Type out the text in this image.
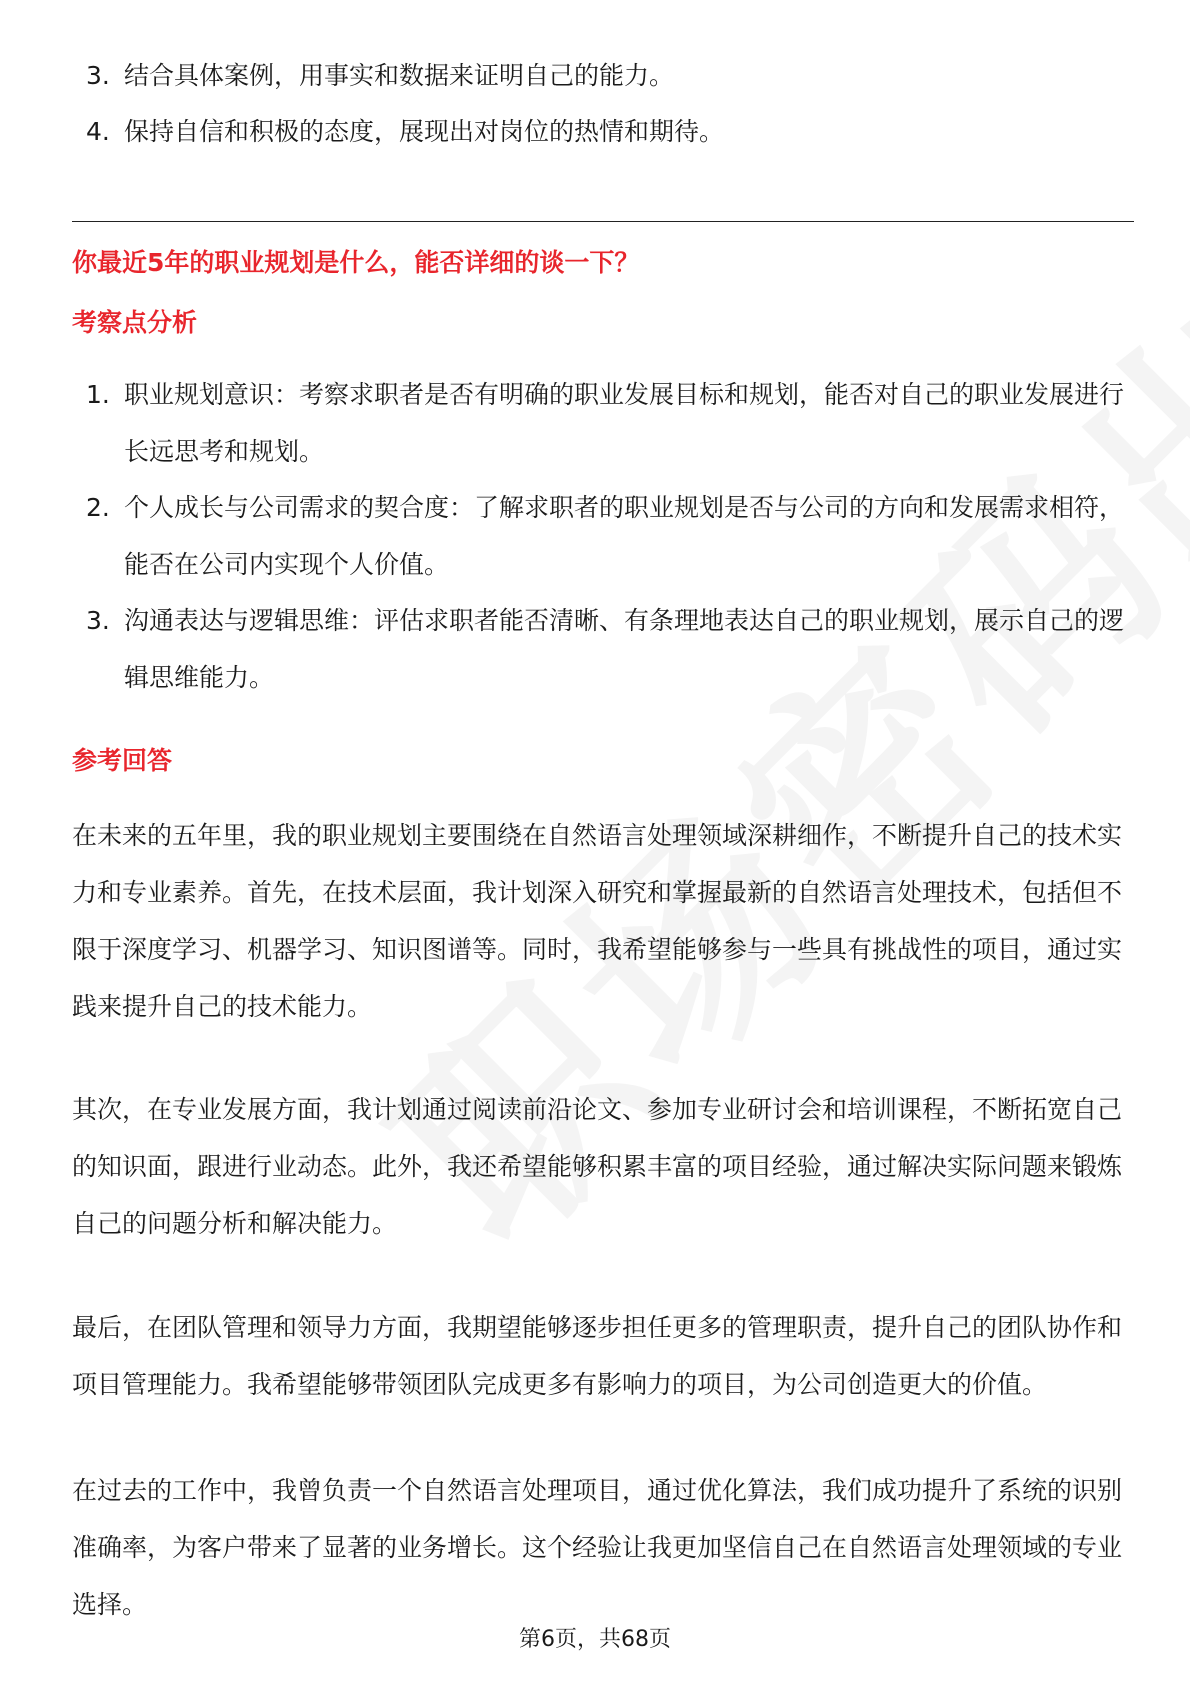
3. 结合具体案例，用事实和数据来证明自己的能力。
4. 保持自信和积极的态度，展现出对岗位的热情和期待。
你最近5年的职业规划是什么，能否详细的谈一下？
考察点分析
1. 职业规划意识：考察求职者是否有明确的职业发展目标和规划，能否对自己的职业发展进行长远思考和规划。
2. 个人成长与公司需求的契合度：了解求职者的职业规划是否与公司的方向和发展需求相符，能否在公司内实现个人价值。
3. 沟通表达与逻辑思维：评估求职者能否清晰、有条理地表达自己的职业规划，展示自己的逻辑思维能力。
参考回答
在未来的五年里，我的职业规划主要围绕在自然语言处理领域深耕细作，不断提升自己的技术实力和专业素养。首先，在技术层面，我计划深入研究和掌握最新的自然语言处理技术，包括但不限于深度学习、机器学习、知识图谱等。同时，我希望能够参与一些具有挑战性的项目，通过实践来提升自己的技术能力。
其次，在专业发展方面，我计划通过阅读前沿论文、参加专业研讨会和培训课程，不断拓宽自己的知识面，跟进行业动态。此外，我还希望能够积累丰富的项目经验，通过解决实际问题来锻炼自己的问题分析和解决能力。
最后，在团队管理和领导力方面，我期望能够逐步担任更多的管理职责，提升自己的团队协作和项目管理能力。我希望能够带领团队完成更多有影响力的项目，为公司创造更大的价值。
在过去的工作中，我曾负责一个自然语言处理项目，通过优化算法，我们成功提升了系统的识别准确率，为客户带来了显著的业务增长。这个经验让我更加坚信自己在自然语言处理领域的专业选择。
第6页，共68页
